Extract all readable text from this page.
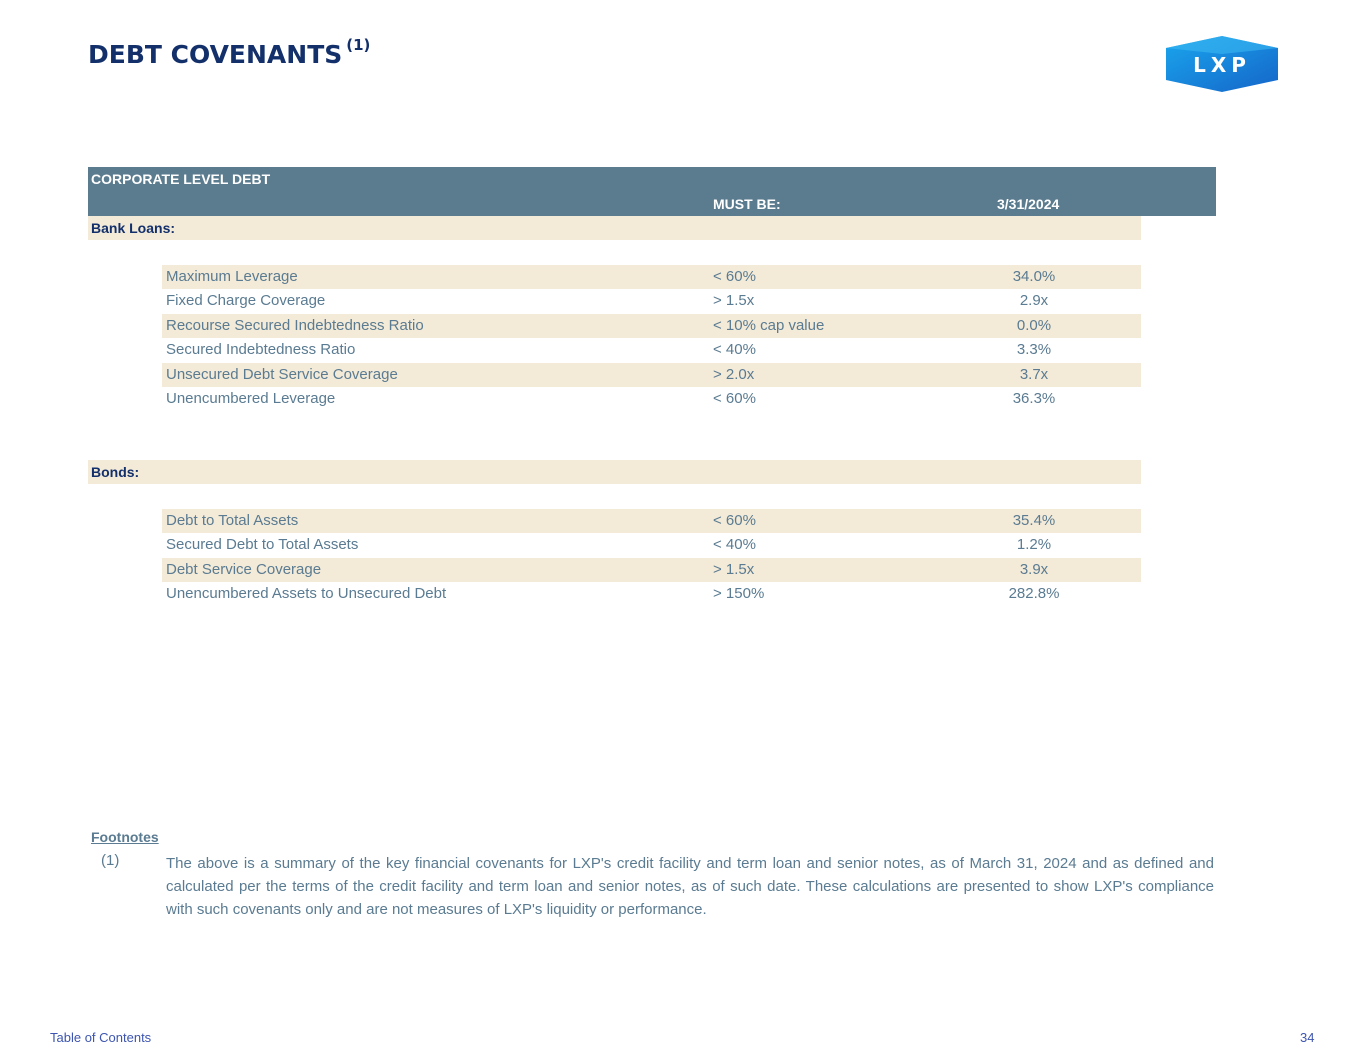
DEBT COVENANTS $^{(1)}$
LXP
CORPORATE LEVEL DEBT
MUST BE:	3/31/2024
Bank Loans:
Maximum Leverage	< 60%	34.0%
Fixed Charge Coverage	> 1.5x	2.9x
Recourse Secured Indebtedness Ratio	< 10% cap value	0.0%
Secured Indebtedness Ratio	< 40%	3.3%
Unsecured Debt Service Coverage	> 2.0x	3.7x
Unencumbered Leverage	< 60%	36.3%
Bonds:
Debt to Total Assets	< 60%	35.4%
Secured Debt to Total Assets	< 40%	1.2%
Debt Service Coverage	> 1.5x	3.9x
Unencumbered Assets to Unsecured Debt	> 150%	282.8%
Footnotes
(1)	The above is a summary of the key financial covenants for LXP's credit facility and term loan and senior notes, as of March 31, 2024 and as defined and calculated per the terms of the credit facility and term loan and senior notes, as of such date. These calculations are presented to show LXP's compliance with such covenants only and are not measures of LXP's liquidity or performance.
Table of Contents	34
